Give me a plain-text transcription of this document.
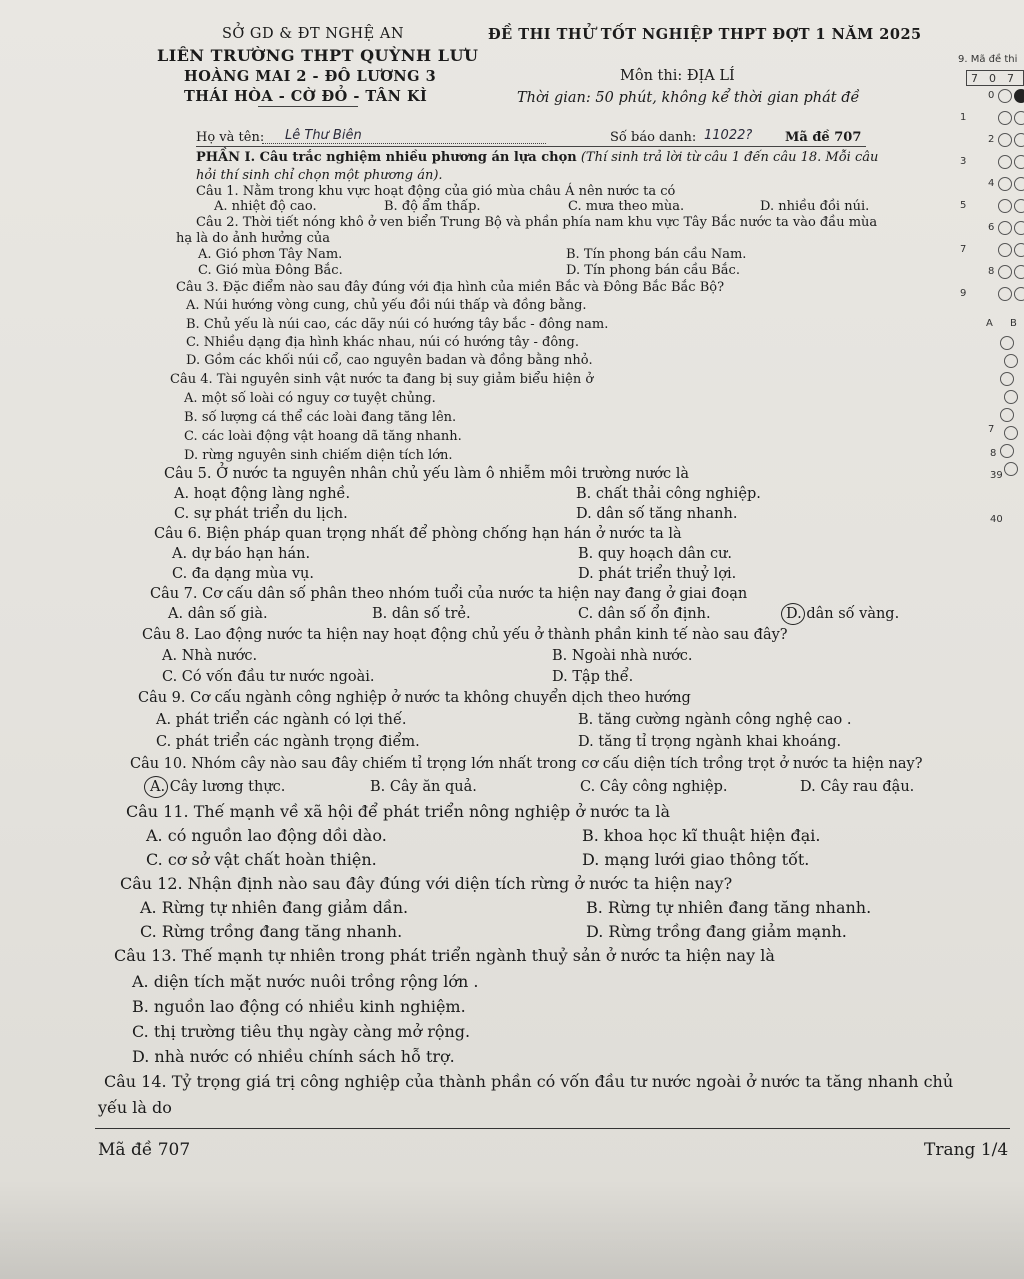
SỞ GD & ĐT NGHỆ AN
LIÊN TRƯỜNG THPT QUỲNH LƯU
HOÀNG MAI 2 - ĐÔ LƯƠNG 3
THÁI HÒA - CỜ ĐỎ - TÂN KÌ
ĐỀ THI THỬ TỐT NGHIỆP THPT ĐỢT 1 NĂM 2025
Môn thi: ĐỊA LÍ
Thời gian: 50 phút, không kể thời gian phát đề
Họ và tên: Lê Thư Biên	Số báo danh: 11022?	Mã đề 707
PHẦN I. Câu trắc nghiệm nhiều phương án lựa chọn (Thí sinh trả lời từ câu 1 đến câu 18. Mỗi câu hỏi thí sinh chỉ chọn một phương án).
Câu 1. Nằm trong khu vực hoạt động của gió mùa châu Á nên nước ta có
A. nhiệt độ cao.	B. độ ẩm thấp.	C. mưa theo mùa.	D. nhiều đồi núi.
Câu 2. Thời tiết nóng khô ở ven biển Trung Bộ và phần phía nam khu vực Tây Bắc nước ta vào đầu mùa
hạ là do ảnh hưởng của
A. Gió phơn Tây Nam.	B. Tín phong bán cầu Nam.
C. Gió mùa Đông Bắc.	D. Tín phong bán cầu Bắc.
Câu 3. Đặc điểm nào sau đây đúng với địa hình của miền Bắc và Đông Bắc Bắc Bộ?
A. Núi hướng vòng cung, chủ yếu đồi núi thấp và đồng bằng.
B. Chủ yếu là núi cao, các dãy núi có hướng tây bắc - đông nam.
C. Nhiều dạng địa hình khác nhau, núi có hướng tây - đông.
D. Gồm các khối núi cổ, cao nguyên badan và đồng bằng nhỏ.
Câu 4. Tài nguyên sinh vật nước ta đang bị suy giảm biểu hiện ở
A. một số loài có nguy cơ tuyệt chủng.
B. số lượng cá thể các loài đang tăng lên.
C. các loài động vật hoang dã tăng nhanh.
D. rừng nguyên sinh chiếm diện tích lớn.
Câu 5. Ở nước ta nguyên nhân chủ yếu làm ô nhiễm môi trường nước là
A. hoạt động làng nghề.	B. chất thải công nghiệp.
C. sự phát triển du lịch.	D. dân số tăng nhanh.
Câu 6. Biện pháp quan trọng nhất để phòng chống hạn hán ở nước ta là
A. dự báo hạn hán.	B. quy hoạch dân cư.
C. đa dạng mùa vụ.	D. phát triển thuỷ lợi.
Câu 7. Cơ cấu dân số phân theo nhóm tuổi của nước ta hiện nay đang ở giai đoạn
A. dân số già.	B. dân số trẻ.	C. dân số ổn định.	D. dân số vàng.
Câu 8. Lao động nước ta hiện nay hoạt động chủ yếu ở thành phần kinh tế nào sau đây?
A. Nhà nước.	B. Ngoài nhà nước.
C. Có vốn đầu tư nước ngoài.	D. Tập thể.
Câu 9. Cơ cấu ngành công nghiệp ở nước ta không chuyển dịch theo hướng
A. phát triển các ngành có lợi thế.	B. tăng cường ngành công nghệ cao .
C. phát triển các ngành trọng điểm.	D. tăng tỉ trọng ngành khai khoáng.
Câu 10. Nhóm cây nào sau đây chiếm tỉ trọng lớn nhất trong cơ cấu diện tích trồng trọt ở nước ta hiện nay?
A. Cây lương thực.	B. Cây ăn quả.	C. Cây công nghiệp.	D. Cây rau đậu.
Câu 11. Thế mạnh về xã hội để phát triển nông nghiệp ở nước ta là
A. có nguồn lao động dồi dào.	B. khoa học kĩ thuật hiện đại.
C. cơ sở vật chất hoàn thiện.	D. mạng lưới giao thông tốt.
Câu 12. Nhận định nào sau đây đúng với diện tích rừng ở nước ta hiện nay?
A. Rừng tự nhiên đang giảm dần.	B. Rừng tự nhiên đang tăng nhanh.
C. Rừng trồng đang tăng nhanh.	D. Rừng trồng đang giảm mạnh.
Câu 13. Thế mạnh tự nhiên trong phát triển ngành thuỷ sản ở nước ta hiện nay là
A. diện tích mặt nước nuôi trồng rộng lớn .
B. nguồn lao động có nhiều kinh nghiệm.
C. thị trường tiêu thụ ngày càng mở rộng.
D. nhà nước có nhiều chính sách hỗ trợ.
Câu 14. Tỷ trọng giá trị công nghiệp của thành phần có vốn đầu tư nước ngoài ở nước ta tăng nhanh chủ
yếu là do
Mã đề 707	Trang 1/4
9. Mã đề thi
7 0 7
0
1
2
3
4
5
6
7
8
9
A B
7
8
39
40
